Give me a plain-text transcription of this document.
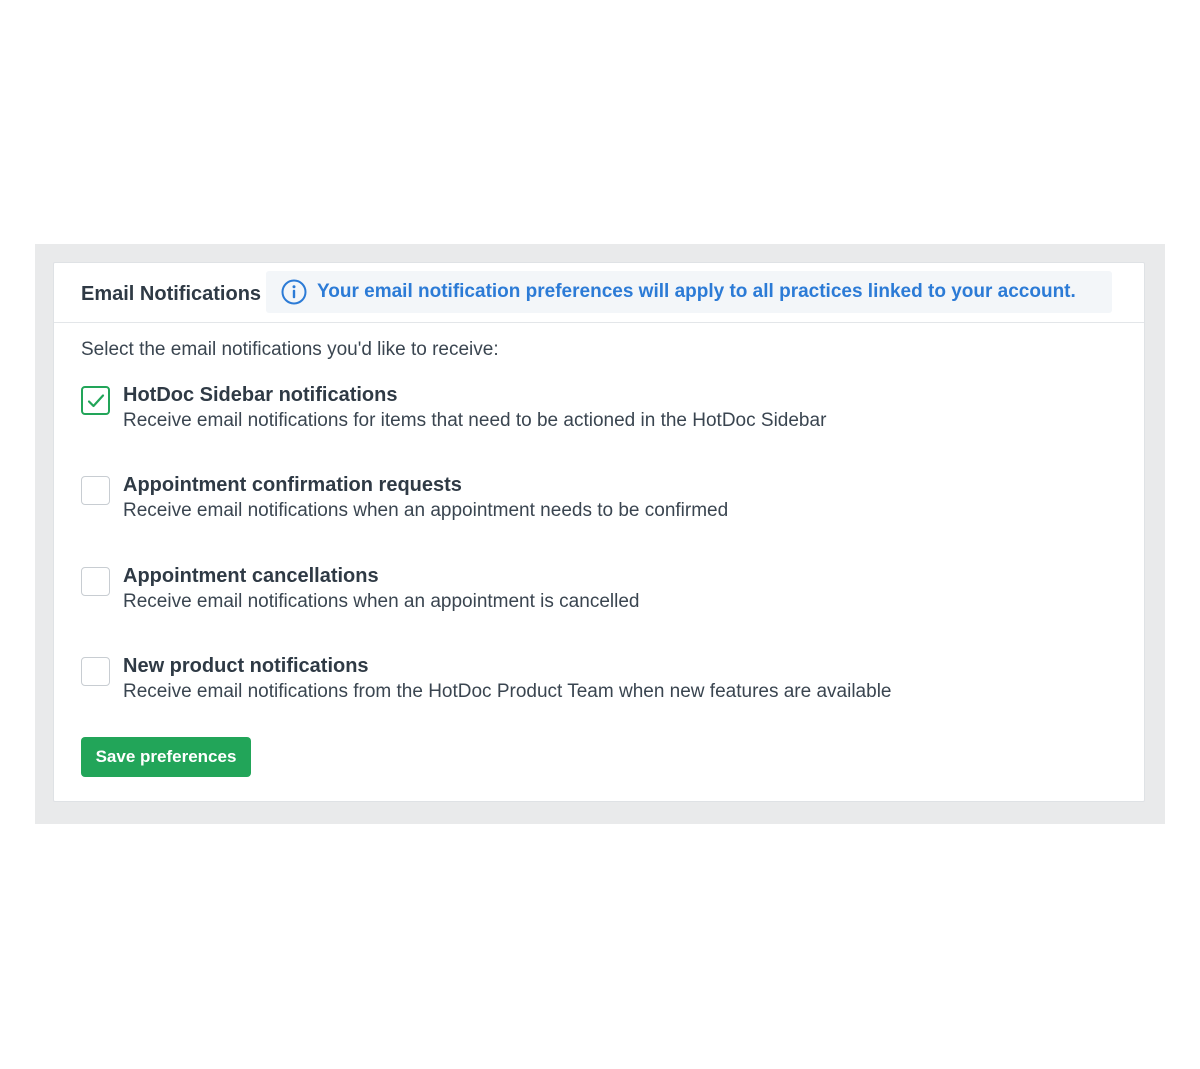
Email Notifications	Your email notification preferences will apply to all practices linked to your account.
Select the email notifications you'd like to receive:
HotDoc Sidebar notifications
Receive email notifications for items that need to be actioned in the HotDoc Sidebar
Appointment confirmation requests
Receive email notifications when an appointment needs to be confirmed
Appointment cancellations
Receive email notifications when an appointment is cancelled
New product notifications
Receive email notifications from the HotDoc Product Team when new features are available
Save preferences
